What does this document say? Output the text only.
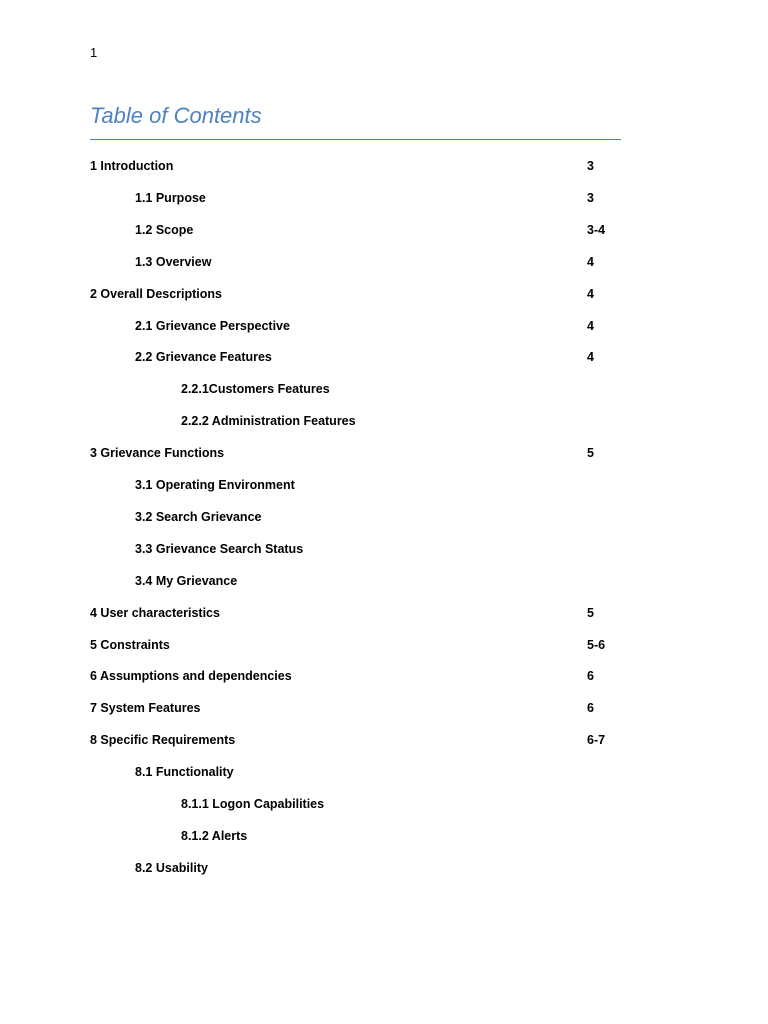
1
Table of Contents
1 Introduction	3
1.1 Purpose	3
1.2 Scope	3-4
1.3 Overview	4
2 Overall Descriptions	4
2.1 Grievance Perspective	4
2.2 Grievance Features	4
2.2.1Customers Features
2.2.2 Administration Features
3 Grievance Functions	5
3.1 Operating Environment
3.2 Search Grievance
3.3 Grievance Search Status
3.4 My Grievance
4 User characteristics	5
5 Constraints	5-6
6 Assumptions and dependencies	6
7 System Features	6
8 Specific Requirements	6-7
8.1 Functionality
8.1.1 Logon Capabilities
8.1.2 Alerts
8.2 Usability
